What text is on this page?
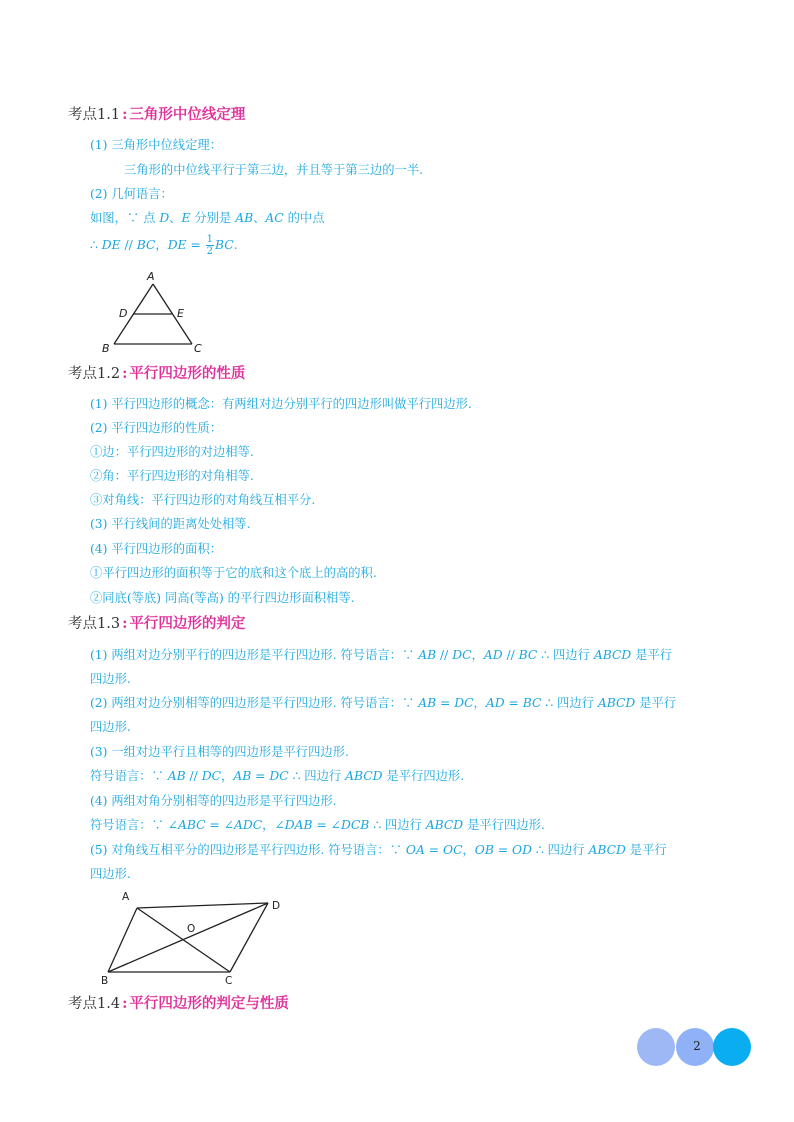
考点1.1 : 三角形中位线定理
(1) 三角形中位线定理：
三角形的中位线平行于第三边，并且等于第三边的一半.
(2) 几何语言：
如图，∵ 点 D、E 分别是 AB、AC 的中点
∴ DE // BC，DE = $\frac{1}{2}$ BC.
A
D	E
B	C
考点1.2 : 平行四边形的性质
(1) 平行四边形的概念：有两组对边分别平行的四边形叫做平行四边形.
(2) 平行四边形的性质：
①边：平行四边形的对边相等.
②角：平行四边形的对角相等.
③对角线：平行四边形的对角线互相平分.
(3) 平行线间的距离处处相等.
(4) 平行四边形的面积：
①平行四边形的面积等于它的底和这个底上的高的积.
②同底(等底) 同高(等高) 的平行四边形面积相等.
考点1.3 : 平行四边形的判定
(1) 两组对边分别平行的四边形是平行四边形. 符号语言：∵ AB // DC，AD // BC ∴ 四边行 ABCD 是平行
四边形.
(2) 两组对边分别相等的四边形是平行四边形. 符号语言：∵ AB = DC，AD = BC ∴ 四边行 ABCD 是平行
四边形.
(3) 一组对边平行且相等的四边形是平行四边形.
符号语言：∵ AB // DC，AB = DC ∴ 四边行 ABCD 是平行四边形.
(4) 两组对角分别相等的四边形是平行四边形.
符号语言：∵ ∠ABC = ∠ADC，∠DAB = ∠DCB ∴ 四边行 ABCD 是平行四边形.
(5) 对角线互相平分的四边形是平行四边形. 符号语言：∵ OA = OC，OB = OD ∴ 四边行 ABCD 是平行
四边形.
A
D
O
B	C
考点1.4 : 平行四边形的判定与性质
2
